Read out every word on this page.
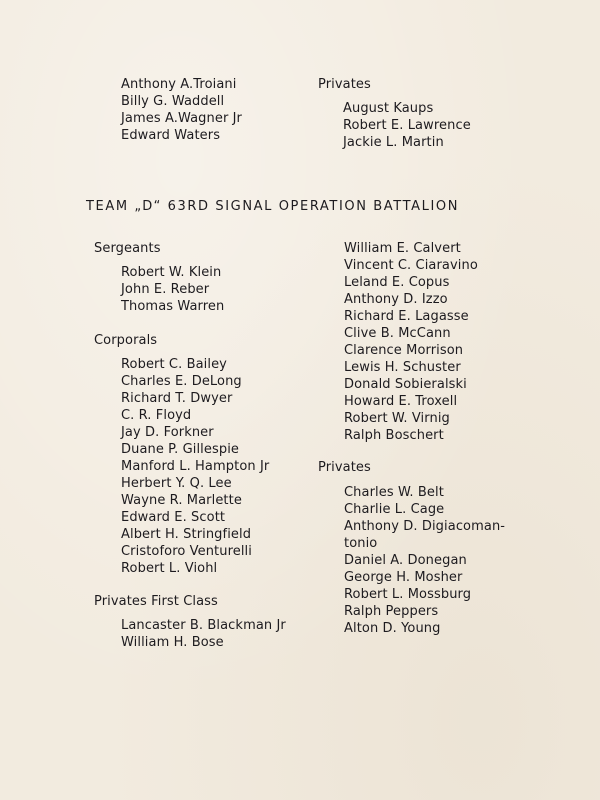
Anthony A.Troiani
Billy G. Waddell
James A.Wagner Jr
Edward Waters
Privates
August Kaups
Robert E. Lawrence
Jackie L. Martin
TEAM „D“ 63RD SIGNAL OPERATION BATTALION
Sergeants
Robert W. Klein
John E. Reber
Thomas Warren
Corporals
Robert C. Bailey
Charles E. DeLong
Richard T. Dwyer
C. R. Floyd
Jay D. Forkner
Duane P. Gillespie
Manford L. Hampton Jr
Herbert Y. Q. Lee
Wayne R. Marlette
Edward E. Scott
Albert H. Stringfield
Cristoforo Venturelli
Robert L. Viohl
Privates First Class
Lancaster B. Blackman Jr
William H. Bose
William E. Calvert
Vincent C. Ciaravino
Leland E. Copus
Anthony D. Izzo
Richard E. Lagasse
Clive B. McCann
Clarence Morrison
Lewis H. Schuster
Donald Sobieralski
Howard E. Troxell
Robert W. Virnig
Ralph Boschert
Privates
Charles W. Belt
Charlie L. Cage
Anthony D. Digiacoman-
tonio
Daniel A. Donegan
George H. Mosher
Robert L. Mossburg
Ralph Peppers
Alton D. Young
